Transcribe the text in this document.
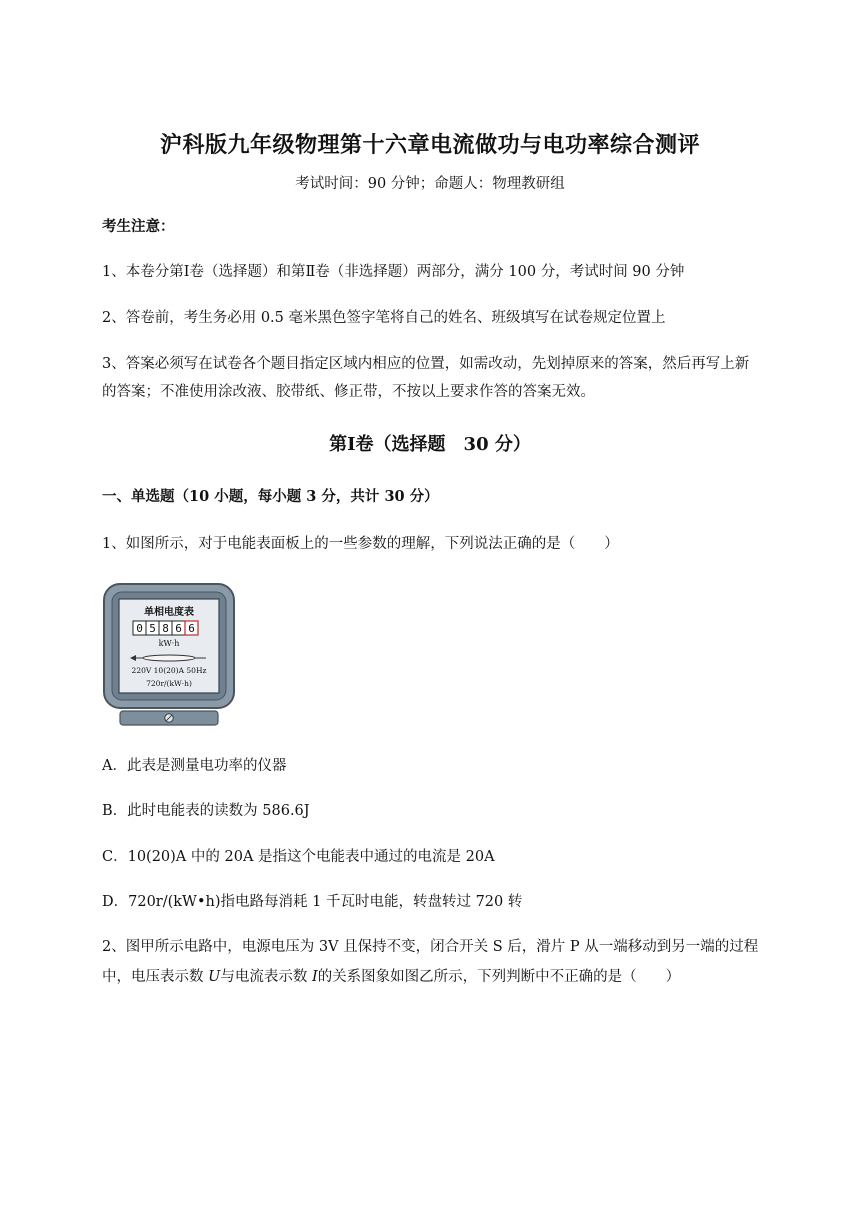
沪科版九年级物理第十六章电流做功与电功率综合测评
考试时间：90 分钟；命题人：物理教研组
考生注意：
1、本卷分第Ⅰ卷（选择题）和第Ⅱ卷（非选择题）两部分，满分 100 分，考试时间 90 分钟
2、答卷前，考生务必用 0.5 毫米黑色签字笔将自己的姓名、班级填写在试卷规定位置上
3、答案必须写在试卷各个题目指定区域内相应的位置，如需改动，先划掉原来的答案，然后再写上新
的答案；不准使用涂改液、胶带纸、修正带，不按以上要求作答的答案无效。
第Ⅰ卷（选择题　30 分）
一、单选题（10 小题，每小题 3 分，共计 30 分）
1、如图所示，对于电能表面板上的一些参数的理解，下列说法正确的是（　　）
单相电度表
0 5 8 6 6
kW·h
220V 10(20)A 50Hz
720r/(kW·h)
A．此表是测量电功率的仪器
B．此时电能表的读数为 586.6J
C．10(20)A 中的 20A 是指这个电能表中通过的电流是 20A
D．720r/(kW•h)指电路每消耗 1 千瓦时电能，转盘转过 720 转
2、图甲所示电路中，电源电压为 3V 且保持不变，闭合开关 S 后，滑片 P 从一端移动到另一端的过程
中，电压表示数 U与电流表示数 I的关系图象如图乙所示，下列判断中不正确的是（　　）
